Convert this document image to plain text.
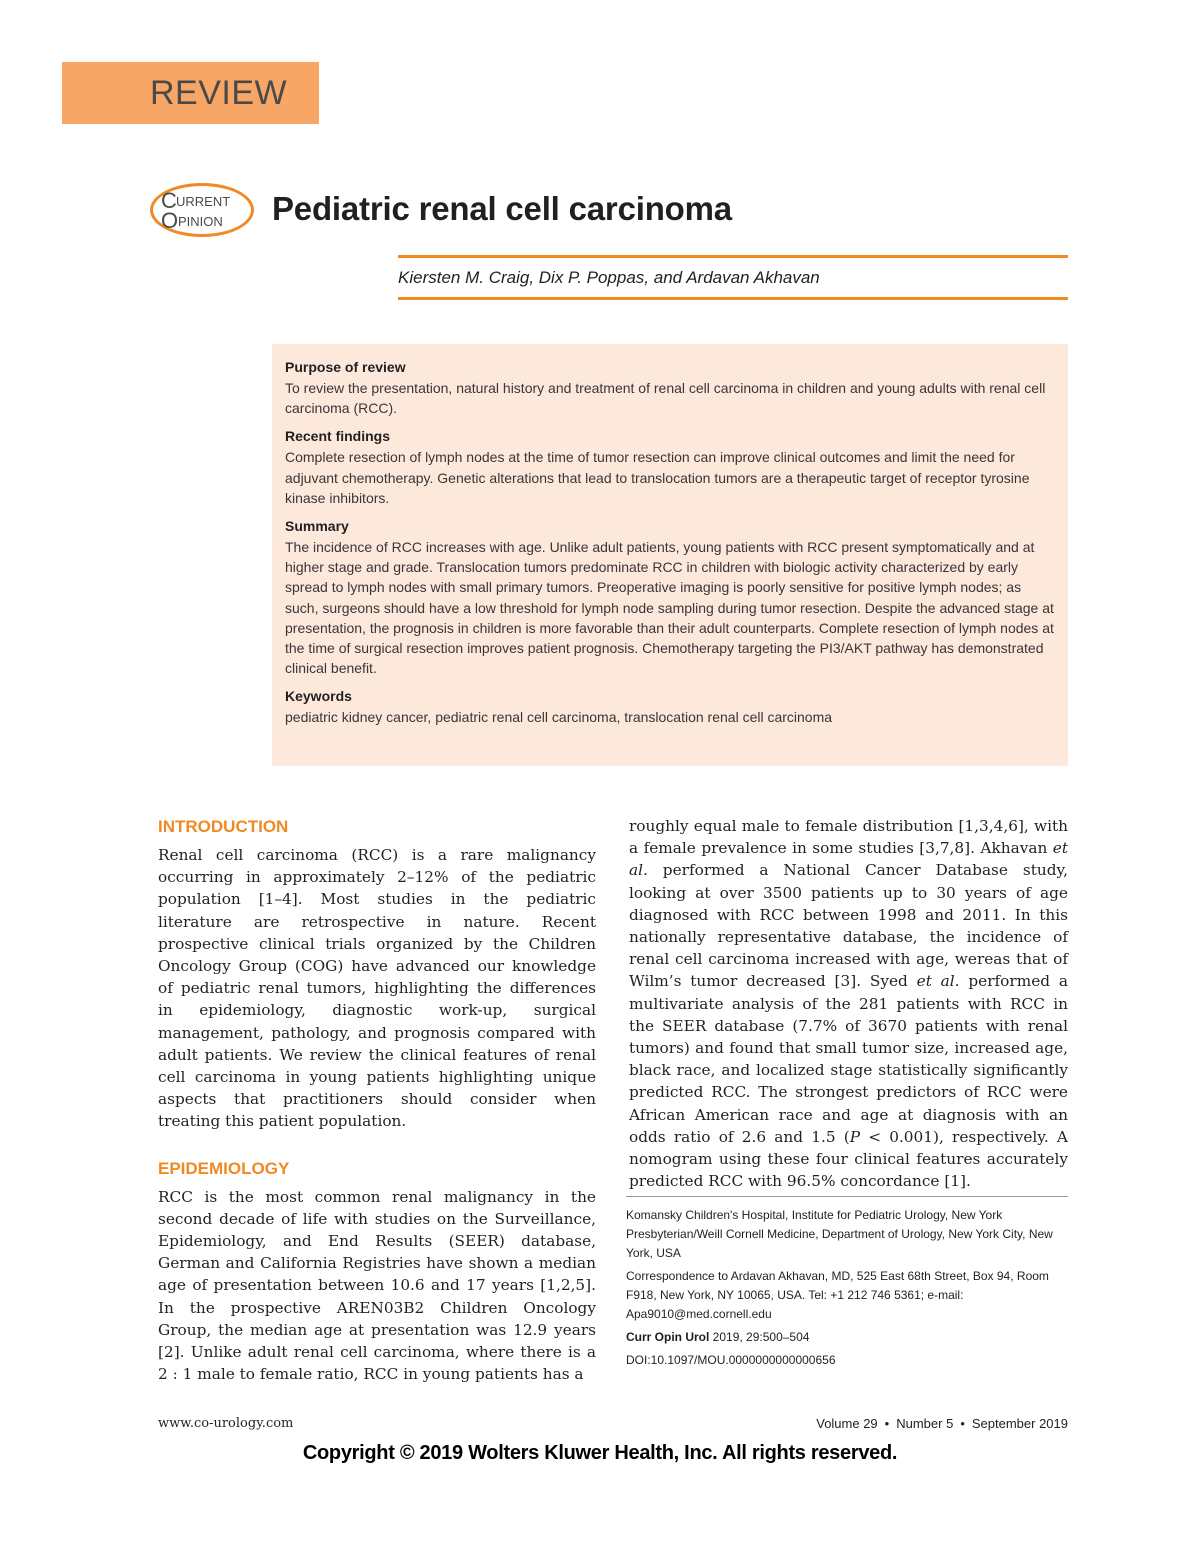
REVIEW
C URRENT
O PINION Pediatric renal cell carcinoma

Kiersten M. Craig, Dix P. Poppas, and Ardavan Akhavan

Purpose of review

To review the presentation, natural history and treatment of renal cell carcinoma in children and young adults with renal cell carcinoma (RCC).

Recent findings

Complete resection of lymph nodes at the time of tumor resection can improve clinical outcomes and limit the need for adjuvant chemotherapy. Genetic alterations that lead to translocation tumors are a therapeutic target of receptor tyrosine kinase inhibitors.

Summary

The incidence of RCC increases with age. Unlike adult patients, young patients with RCC present symptomatically and at higher stage and grade. Translocation tumors predominate RCC in children with biologic activity characterized by early spread to lymph nodes with small primary tumors. Preoperative imaging is poorly sensitive for positive lymph nodes; as such, surgeons should have a low threshold for lymph node sampling during tumor resection. Despite the advanced stage at presentation, the prognosis in children is more favorable than their adult counterparts. Complete resection of lymph nodes at the time of surgical resection improves patient prognosis. Chemotherapy targeting the PI3/AKT pathway has demonstrated clinical benefit.

Keywords

pediatric kidney cancer, pediatric renal cell carcinoma, translocation renal cell carcinoma

INTRODUCTION

Renal cell carcinoma (RCC) is a rare malignancy occurring in approximately 2–12% of the pediatric population [1–4]. Most studies in the pediatric literature are retrospective in nature. Recent prospective clinical trials organized by the Children Oncology Group (COG) have advanced our knowledge of pediatric renal tumors, highlighting the differences in epidemiology, diagnostic work-up, surgical management, pathology, and prognosis compared with adult patients. We review the clinical features of renal cell carcinoma in young patients highlighting unique aspects that practitioners should consider when treating this patient population.

EPIDEMIOLOGY

RCC is the most common renal malignancy in the second decade of life with studies on the Surveillance, Epidemiology, and End Results (SEER) database, German and California Registries have shown a median age of presentation between 10.6 and 17 years [1,2,5]. In the prospective AREN03B2 Children Oncology Group, the median age at presentation was 12.9 years [2]. Unlike adult renal cell carcinoma, where there is a 2 : 1 male to female ratio, RCC in young patients has a

roughly equal male to female distribution [1,3,4,6], with a female prevalence in some studies [3,7,8]. Akhavan et al. performed a National Cancer Database study, looking at over 3500 patients up to 30 years of age diagnosed with RCC between 1998 and 2011. In this nationally representative database, the incidence of renal cell carcinoma increased with age, wereas that of Wilm’s tumor decreased [3]. Syed et al. performed a multivariate analysis of the 281 patients with RCC in the SEER database (7.7% of 3670 patients with renal tumors) and found that small tumor size, increased age, black race, and localized stage statistically significantly predicted RCC. The strongest predictors of RCC were African American race and age at diagnosis with an odds ratio of 2.6 and 1.5 (P < 0.001), respectively. A nomogram using these four clinical features accurately predicted RCC with 96.5% concordance [1].

Komansky Children's Hospital, Institute for Pediatric Urology, New York Presbyterian/Weill Cornell Medicine, Department of Urology, New York City, New York, USA

Correspondence to Ardavan Akhavan, MD, 525 East 68th Street, Box 94, Room F918, New York, NY 10065, USA. Tel: +1 212 746 5361; e-mail: Apa9010@med.cornell.edu

Curr Opin Urol 2019, 29:500–504

DOI:10.1097/MOU.0000000000000656

www.co-urology.com	Volume 29 • Number 5 • September 2019
Copyright © 2019 Wolters Kluwer Health, Inc. All rights reserved.
